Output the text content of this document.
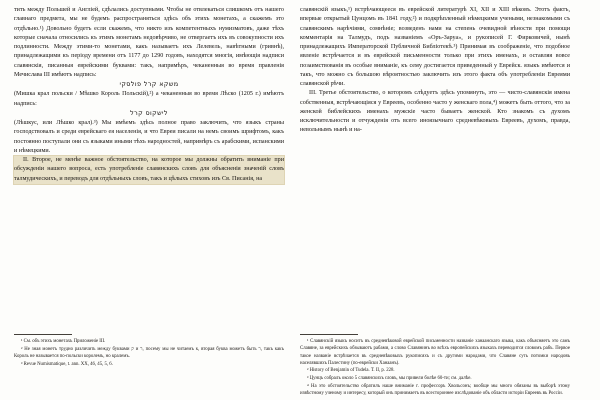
тить между Польшей и Англіей, сдѣлались доступными. Чтобы не отвлекаться слишкомъ отъ нашего главнаго предмета, мы не будемъ распространяться здѣсь объ этихъ монетахъ, а скажемъ это отдѣльно.¹) Довольно будетъ если скажемъ, что никто изъ компетентныхъ нумизматовъ, даже тѣхъ которые сначала относились къ этимъ монетамъ недовѣрчиво, не отвергаетъ ихъ въ совокупности ихъ подлинности. Между этими-то монетами, какъ называетъ ихъ Лелевель, навѣтными (гривнѣ), принадлежащими къ періоду времени отъ 1177 до 1290 годовъ, находятся многія, имѣющія надписи славянскія, писанныя еврейскими буквами: такъ, напримѣръ, чеканенныя во время правленія Мечислава III имѣютъ надпись:

משקא קרל פולסקי

(Мишка крал польски / Мѣшко Король Польскій),²) а чеканенныя во время Лѣско (1205 г.) имѣютъ надпись:

לישקוס קרל

(Лѣшкус, или Лѣшко крал).³) Мы имѣемъ здѣсь полное право заключить, что языкъ страны господствовалъ и среди еврейскаго ея населенія, и что Евреи писали на немъ своимъ шрифтомъ, какъ постоянно поступали они съ языками иными тѣхъ народностей, напримѣръ съ арабскими, испанскими и нѣмецкими.

II. Второе, не менѣе важное обстоятельство, на которое мы должны обратить вниманіе при обсужденіи нашего вопроса, есть употребленіе славянскихъ словъ для объясненія значеній словъ талмудическихъ, и переводъ для отдѣльныхъ словъ, такъ и цѣлыхъ стиховъ изъ Св. Писанія, на

славянскій языкъ,¹) встрѣчающееся въ еврейской литературѣ XI, XII и XIII вѣковъ. Этотъ фактъ, впервые открытый Цунцомъ въ 1841 году,²) и подкрѣпленный нѣмецкими учеными, незнакомыми съ славянскимъ нарѣчіями, сомнѣніе; возведенъ нами на степень очевидной вѣности при помощи комментарія на Талмудъ, подъ названіемъ «Оръ-Заруа», и рукописей Г. Фирковичей, нынѣ принадлежащихъ Императорской Публичной Библіотекѣ.³) Принимая въ соображеніе, что подобное явленіе встрѣчается и въ еврейской письменности только при этихъ именахъ, и оставляя вовсе позаимствованія въ особые вниманіе, къ сему достигается приведенный у Еврейск. языкъ имѣются и такъ, что можно съ большою вѣроятностью заключить изъ этого факта объ употребленіи Евреями славянской рѣчи.

III. Третье обстоятельство, о которомъ слѣдуетъ здѣсь упомянуть, это — чисто-славянскія имена собственныя, встрѣчающіяся у Евреевъ, особенно часто у женскаго пола,⁴) можетъ быть оттого, что за женской библейскихъ именахъ мужскіе часто бываетъ женской. Кто знакомъ съ духомъ исключительности и отчужденія отъ всего иноязычнаго средневѣковыхъ Евреевъ, духомъ, правда, невольнымъ нынѣ и на-

¹ См. объ этихъ монетахъ Приложеніе III.

² Не зная монетъ трудно различить между буквами ק и ר, посему мы не читаемъ к, вторая буква можетъ быть ר, такъ какъ Король не называется по-польски королемъ, но кралемъ.

³ Revue Numismatique, t. ann. XX, 46, 45, 5, 6.

¹ Славянскій языкъ носитъ въ средневѣковой еврейской письменности названіе ханаанскаго языка, какъ объясняетъ это самъ Славяне, за еврейскихъ обзываютъ рабами, а слово Славянинъ во всѣхъ европейскихъ языкахъ переводится словомъ рабъ. Первое такое названіе встрѣчается въ средневѣковыхъ рукописяхъ и съ другими народами, что Славяне суть потомки народовъ населявшихъ Палестину (по-еврейски Ханаанъ).

² History of Benjamin of Tudela. T. II, p. 228.

³ Цунцъ собралъ около 5 славянскихъ словъ, мы привели болѣе 60-ти; см. далѣе.

⁴ На это обстоятельство обратилъ наше вниманіе г. профессоръ Хвольсонъ; вообще мы много обязаны въ выборѣ этому извѣстному ученому и интересу, который онъ принимаетъ въ всестороннее изслѣдованіе объ области исторіи Евреевъ въ Россіи.
